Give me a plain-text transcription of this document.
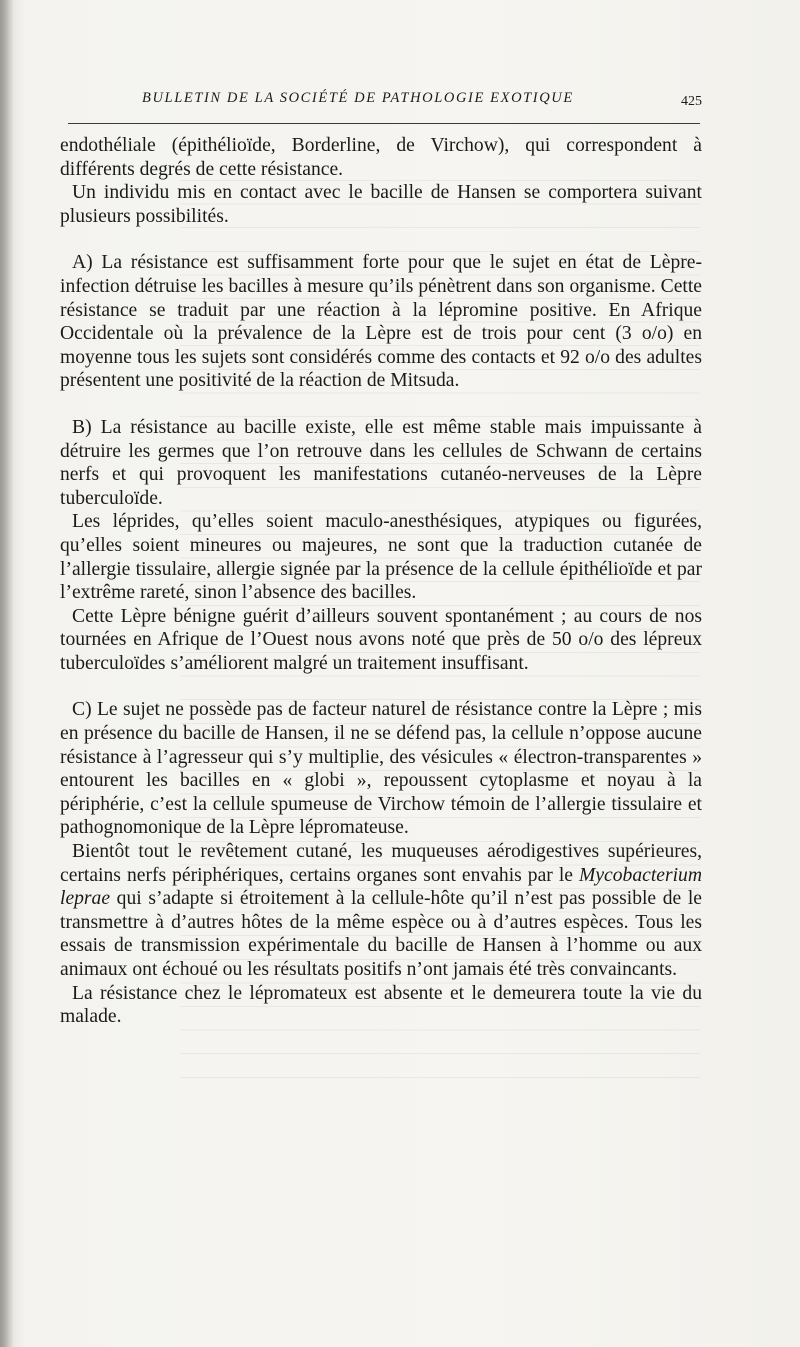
BULLETIN DE LA SOCIÉTÉ DE PATHOLOGIE EXOTIQUE	425

endothéliale (épithélioïde, Borderline, de Virchow), qui correspondent à différents degrés de cette résistance.

Un individu mis en contact avec le bacille de Hansen se comportera suivant plusieurs possibilités.

A) La résistance est suffisamment forte pour que le sujet en état de Lèpre-infection détruise les bacilles à mesure qu’ils pénètrent dans son organisme. Cette résistance se traduit par une réaction à la lépromine positive. En Afrique Occidentale où la prévalence de la Lèpre est de trois pour cent (3 o/o) en moyenne tous les sujets sont considérés comme des contacts et 92 o/o des adultes présentent une positivité de la réaction de Mitsuda.

B) La résistance au bacille existe, elle est même stable mais impuissante à détruire les germes que l’on retrouve dans les cellules de Schwann de certains nerfs et qui provoquent les manifestations cutanéo-nerveuses de la Lèpre tuberculoïde.

Les léprides, qu’elles soient maculo-anesthésiques, atypiques ou figurées, qu’elles soient mineures ou majeures, ne sont que la traduction cutanée de l’allergie tissulaire, allergie signée par la présence de la cellule épithélioïde et par l’extrême rareté, sinon l’absence des bacilles.

Cette Lèpre bénigne guérit d’ailleurs souvent spontanément ; au cours de nos tournées en Afrique de l’Ouest nous avons noté que près de 50 o/o des lépreux tuberculoïdes s’améliorent malgré un traitement insuffisant.

C) Le sujet ne possède pas de facteur naturel de résistance contre la Lèpre ; mis en présence du bacille de Hansen, il ne se défend pas, la cellule n’oppose aucune résistance à l’agresseur qui s’y multiplie, des vésicules « électron-transparentes » entourent les bacilles en « globi », repoussent cytoplasme et noyau à la périphérie, c’est la cellule spumeuse de Virchow témoin de l’allergie tissulaire et pathognomonique de la Lèpre lépromateuse.

Bientôt tout le revêtement cutané, les muqueuses aérodigestives supérieures, certains nerfs périphériques, certains organes sont envahis par le Mycobacterium leprae qui s’adapte si étroitement à la cellule-hôte qu’il n’est pas possible de le transmettre à d’autres hôtes de la même espèce ou à d’autres espèces. Tous les essais de transmission expérimentale du bacille de Hansen à l’homme ou aux animaux ont échoué ou les résultats positifs n’ont jamais été très convaincants.

La résistance chez le lépromateux est absente et le demeurera toute la vie du malade.
